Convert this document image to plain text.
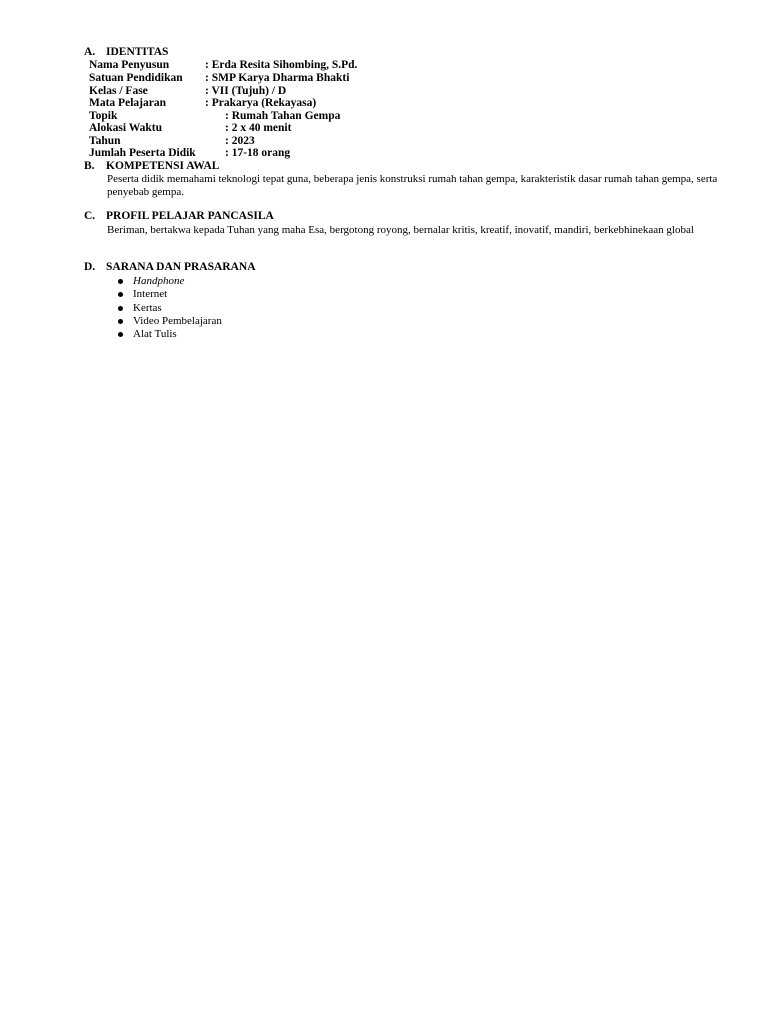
A. IDENTITAS
Nama Penyusun	: Erda Resita Sihombing, S.Pd.
Satuan Pendidikan : SMP Karya Dharma Bhakti
Kelas / Fase	: VII (Tujuh) / D
Mata Pelajaran	: Prakarya (Rekayasa)
Topik	: Rumah Tahan Gempa
Alokasi Waktu	: 2 x 40 menit
Tahun	: 2023
Jumlah Peserta Didik	: 17-18 orang
B. KOMPETENSI AWAL
Peserta didik memahami teknologi tepat guna, beberapa jenis konstruksi rumah tahan gempa, karakteristik dasar rumah tahan gempa, serta penyebab gempa.
C. PROFIL PELAJAR PANCASILA
Beriman, bertakwa kepada Tuhan yang maha Esa, bergotong royong, bernalar kritis, kreatif, inovatif, mandiri, berkebhinekaan global
D. SARANA DAN PRASARANA
Handphone
Internet
Kertas
Video Pembelajaran
Alat Tulis
